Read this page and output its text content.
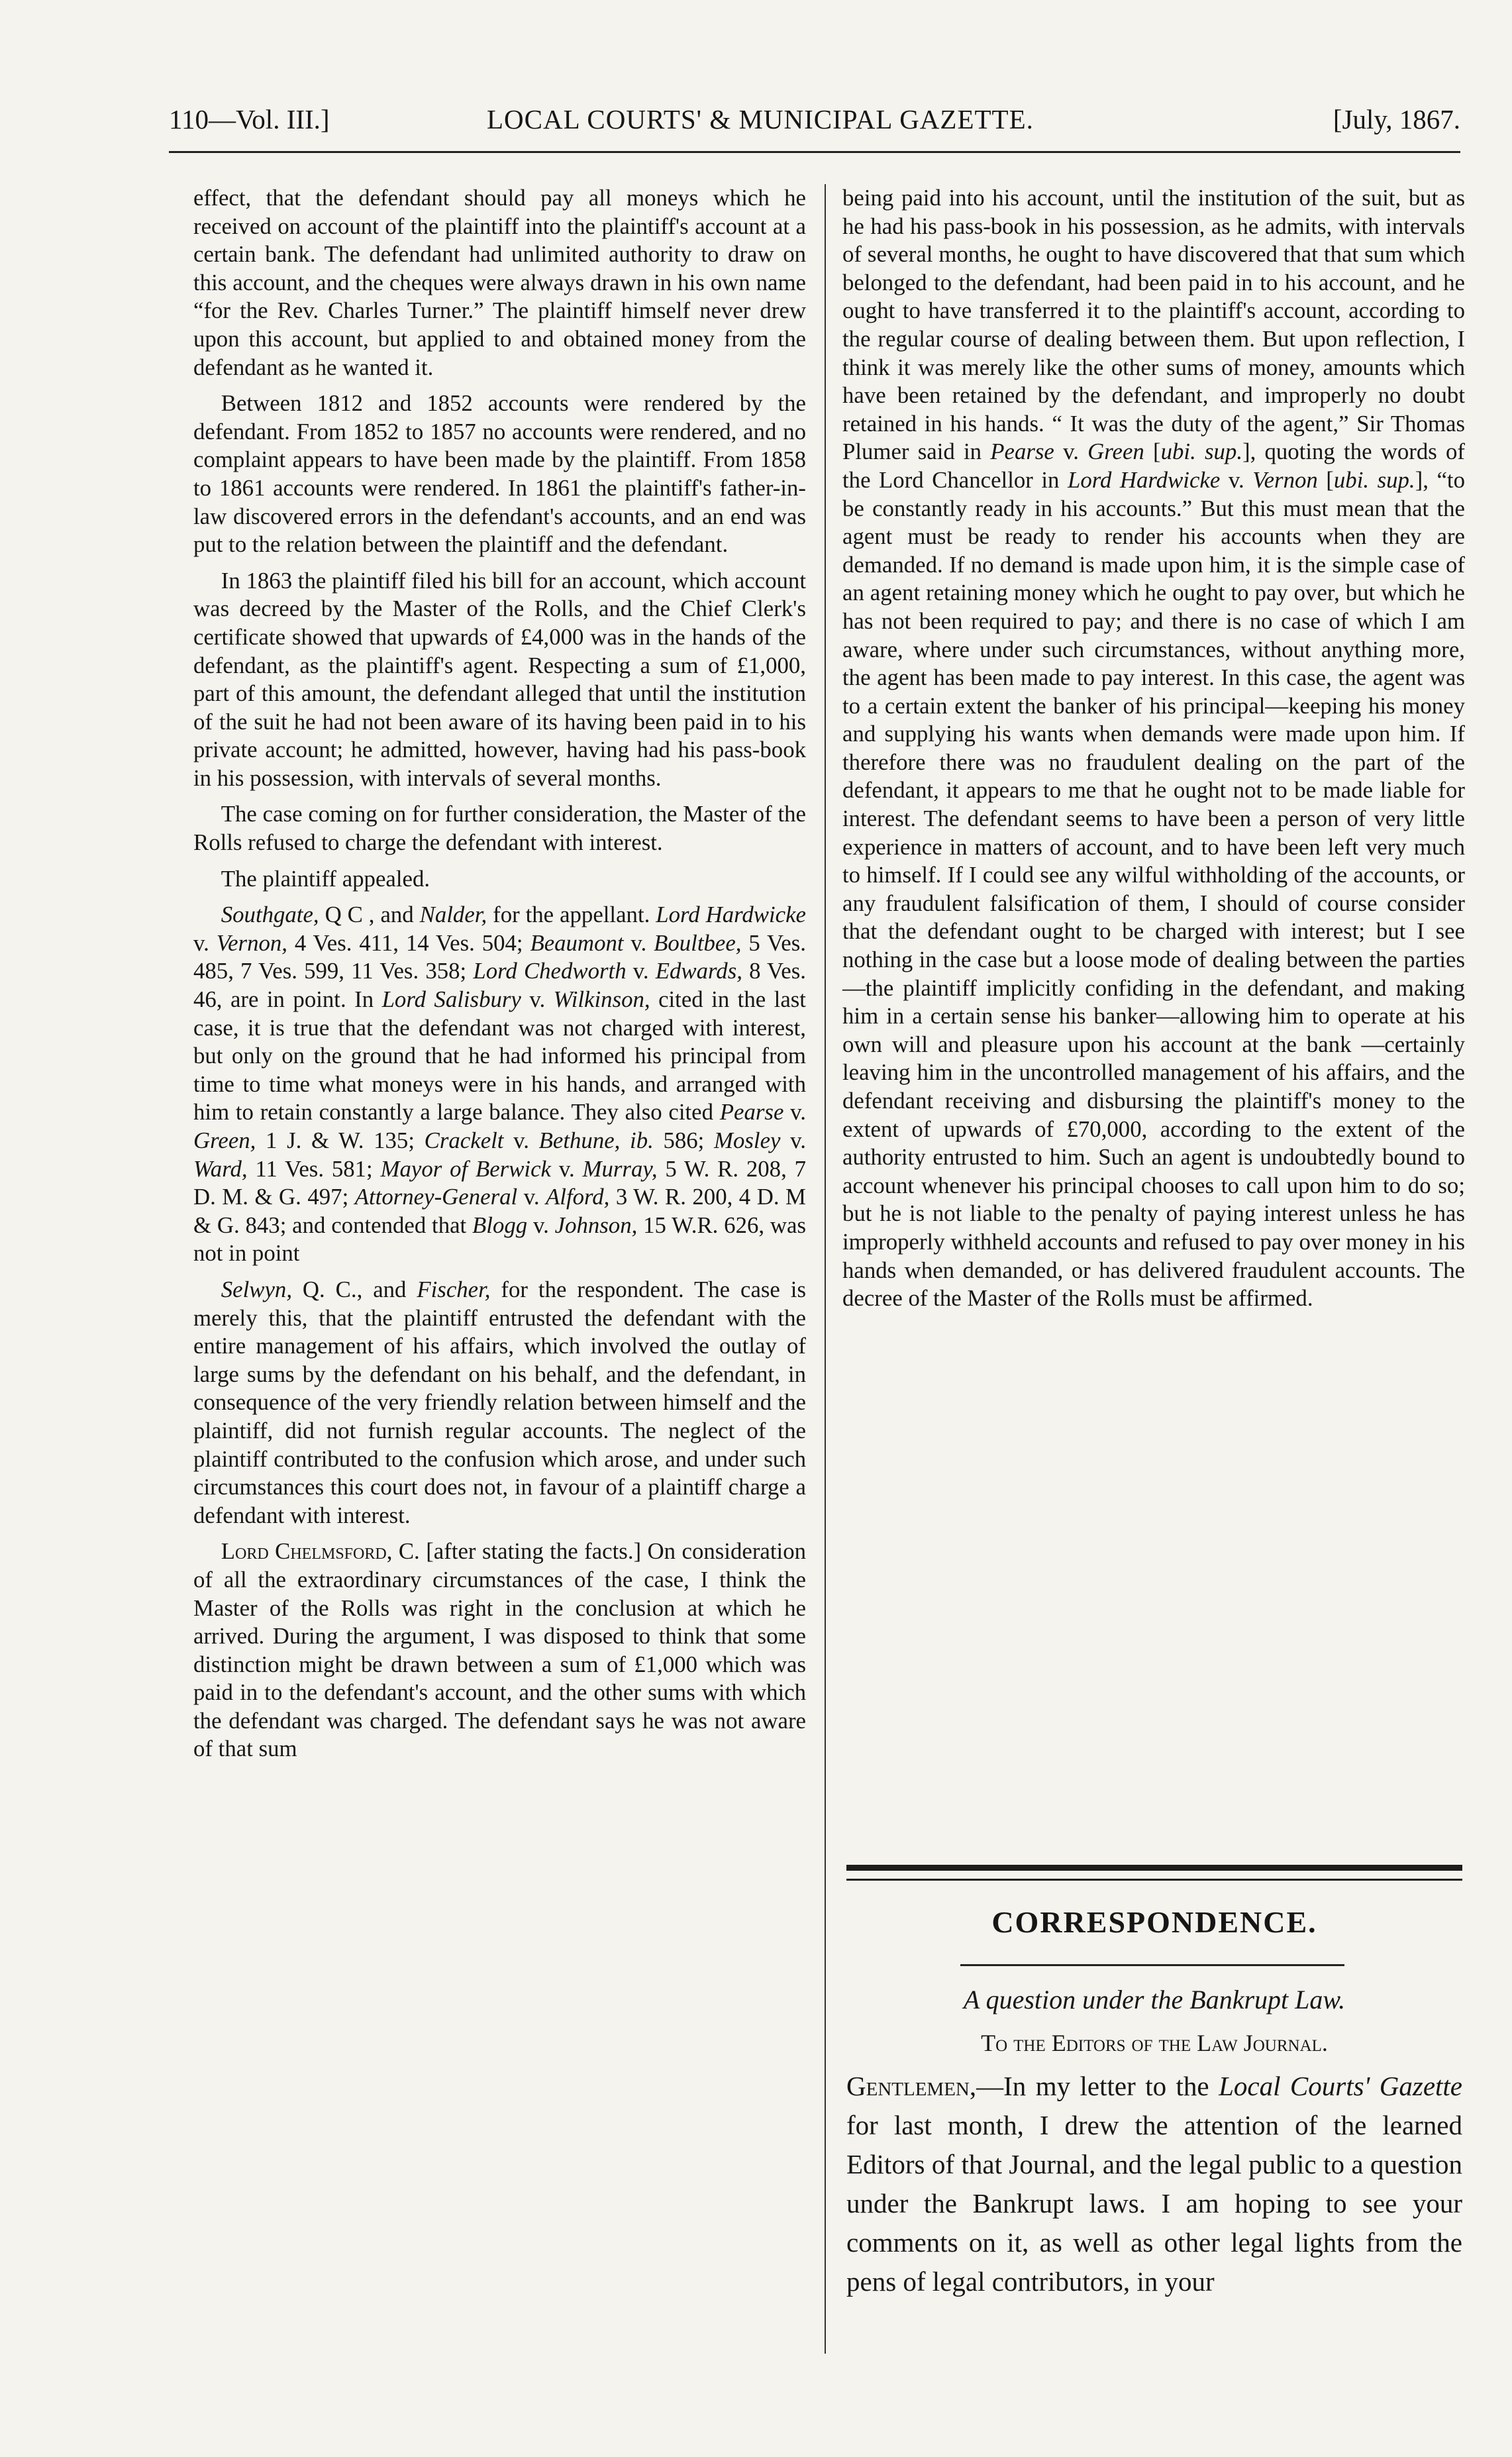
110—Vol. III.]	LOCAL COURTS' & MUNICIPAL GAZETTE.	[July, 1867.

effect, that the defendant should pay all moneys which he received on account of the plaintiff into the plaintiff's account at a certain bank. The defendant had unlimited authority to draw on this account, and the cheques were always drawn in his own name “for the Rev. Charles Turner.” The plaintiff himself never drew upon this account, but applied to and obtained money from the defendant as he wanted it.

Between 1812 and 1852 accounts were rendered by the defendant. From 1852 to 1857 no accounts were rendered, and no complaint appears to have been made by the plaintiff. From 1858 to 1861 accounts were rendered. In 1861 the plaintiff's father-in-law discovered errors in the defendant's accounts, and an end was put to the relation between the plaintiff and the defendant.

In 1863 the plaintiff filed his bill for an account, which account was decreed by the Master of the Rolls, and the Chief Clerk's certificate showed that upwards of £4,000 was in the hands of the defendant, as the plaintiff's agent. Respecting a sum of £1,000, part of this amount, the defendant alleged that until the institution of the suit he had not been aware of its having been paid in to his private account; he admitted, however, having had his pass-book in his possession, with intervals of several months.

The case coming on for further consideration, the Master of the Rolls refused to charge the defendant with interest.

The plaintiff appealed.

Southgate, Q C , and Nalder, for the appellant. Lord Hardwicke v. Vernon, 4 Ves. 411, 14 Ves. 504; Beaumont v. Boultbee, 5 Ves. 485, 7 Ves. 599, 11 Ves. 358; Lord Chedworth v. Edwards, 8 Ves. 46, are in point. In Lord Salisbury v. Wilkinson, cited in the last case, it is true that the defendant was not charged with interest, but only on the ground that he had informed his principal from time to time what moneys were in his hands, and arranged with him to retain constantly a large balance. They also cited Pearse v. Green, 1 J. & W. 135; Crackelt v. Bethune, ib. 586; Mosley v. Ward, 11 Ves. 581; Mayor of Berwick v. Murray, 5 W. R. 208, 7 D. M. & G. 497; Attorney-General v. Alford, 3 W. R. 200, 4 D. M & G. 843; and contended that Blogg v. Johnson, 15 W.R. 626, was not in point

Selwyn, Q. C., and Fischer, for the respondent. The case is merely this, that the plaintiff entrusted the defendant with the entire management of his affairs, which involved the outlay of large sums by the defendant on his behalf, and the defendant, in consequence of the very friendly relation between himself and the plaintiff, did not furnish regular accounts. The neglect of the plaintiff contributed to the confusion which arose, and under such circumstances this court does not, in favour of a plaintiff charge a defendant with interest.

Lord Chelmsford, C. [after stating the facts.] On consideration of all the extraordinary circumstances of the case, I think the Master of the Rolls was right in the conclusion at which he arrived. During the argument, I was disposed to think that some distinction might be drawn between a sum of £1,000 which was paid in to the defendant's account, and the other sums with which the defendant was charged. The defendant says he was not aware of that sum

being paid into his account, until the institution of the suit, but as he had his pass-book in his possession, as he admits, with intervals of several months, he ought to have discovered that that sum which belonged to the defendant, had been paid in to his account, and he ought to have transferred it to the plaintiff's account, according to the regular course of dealing between them. But upon reflection, I think it was merely like the other sums of money, amounts which have been retained by the defendant, and improperly no doubt retained in his hands. “ It was the duty of the agent,” Sir Thomas Plumer said in Pearse v. Green [ubi. sup.], quoting the words of the Lord Chancellor in Lord Hardwicke v. Vernon [ubi. sup.], “to be constantly ready in his accounts.” But this must mean that the agent must be ready to render his accounts when they are demanded. If no demand is made upon him, it is the simple case of an agent retaining money which he ought to pay over, but which he has not been required to pay; and there is no case of which I am aware, where under such circumstances, without anything more, the agent has been made to pay interest. In this case, the agent was to a certain extent the banker of his principal—keeping his money and supplying his wants when demands were made upon him. If therefore there was no fraudulent dealing on the part of the defendant, it appears to me that he ought not to be made liable for interest. The defendant seems to have been a person of very little experience in matters of account, and to have been left very much to himself. If I could see any wilful withholding of the accounts, or any fraudulent falsification of them, I should of course consider that the defendant ought to be charged with interest; but I see nothing in the case but a loose mode of dealing between the parties—the plaintiff implicitly confiding in the defendant, and making him in a certain sense his banker—allowing him to operate at his own will and pleasure upon his account at the bank —certainly leaving him in the uncontrolled management of his affairs, and the defendant receiving and disbursing the plaintiff's money to the extent of upwards of £70,000, according to the extent of the authority entrusted to him. Such an agent is undoubtedly bound to account whenever his principal chooses to call upon him to do so; but he is not liable to the penalty of paying interest unless he has improperly withheld accounts and refused to pay over money in his hands when demanded, or has delivered fraudulent accounts. The decree of the Master of the Rolls must be affirmed.

CORRESPONDENCE.
A question under the Bankrupt Law.
To the Editors of the Law Journal.
Gentlemen,—In my letter to the Local Courts' Gazette for last month, I drew the attention of the learned Editors of that Journal, and the legal public to a question under the Bankrupt laws. I am hoping to see your comments on it, as well as other legal lights from the pens of legal contributors, in your
